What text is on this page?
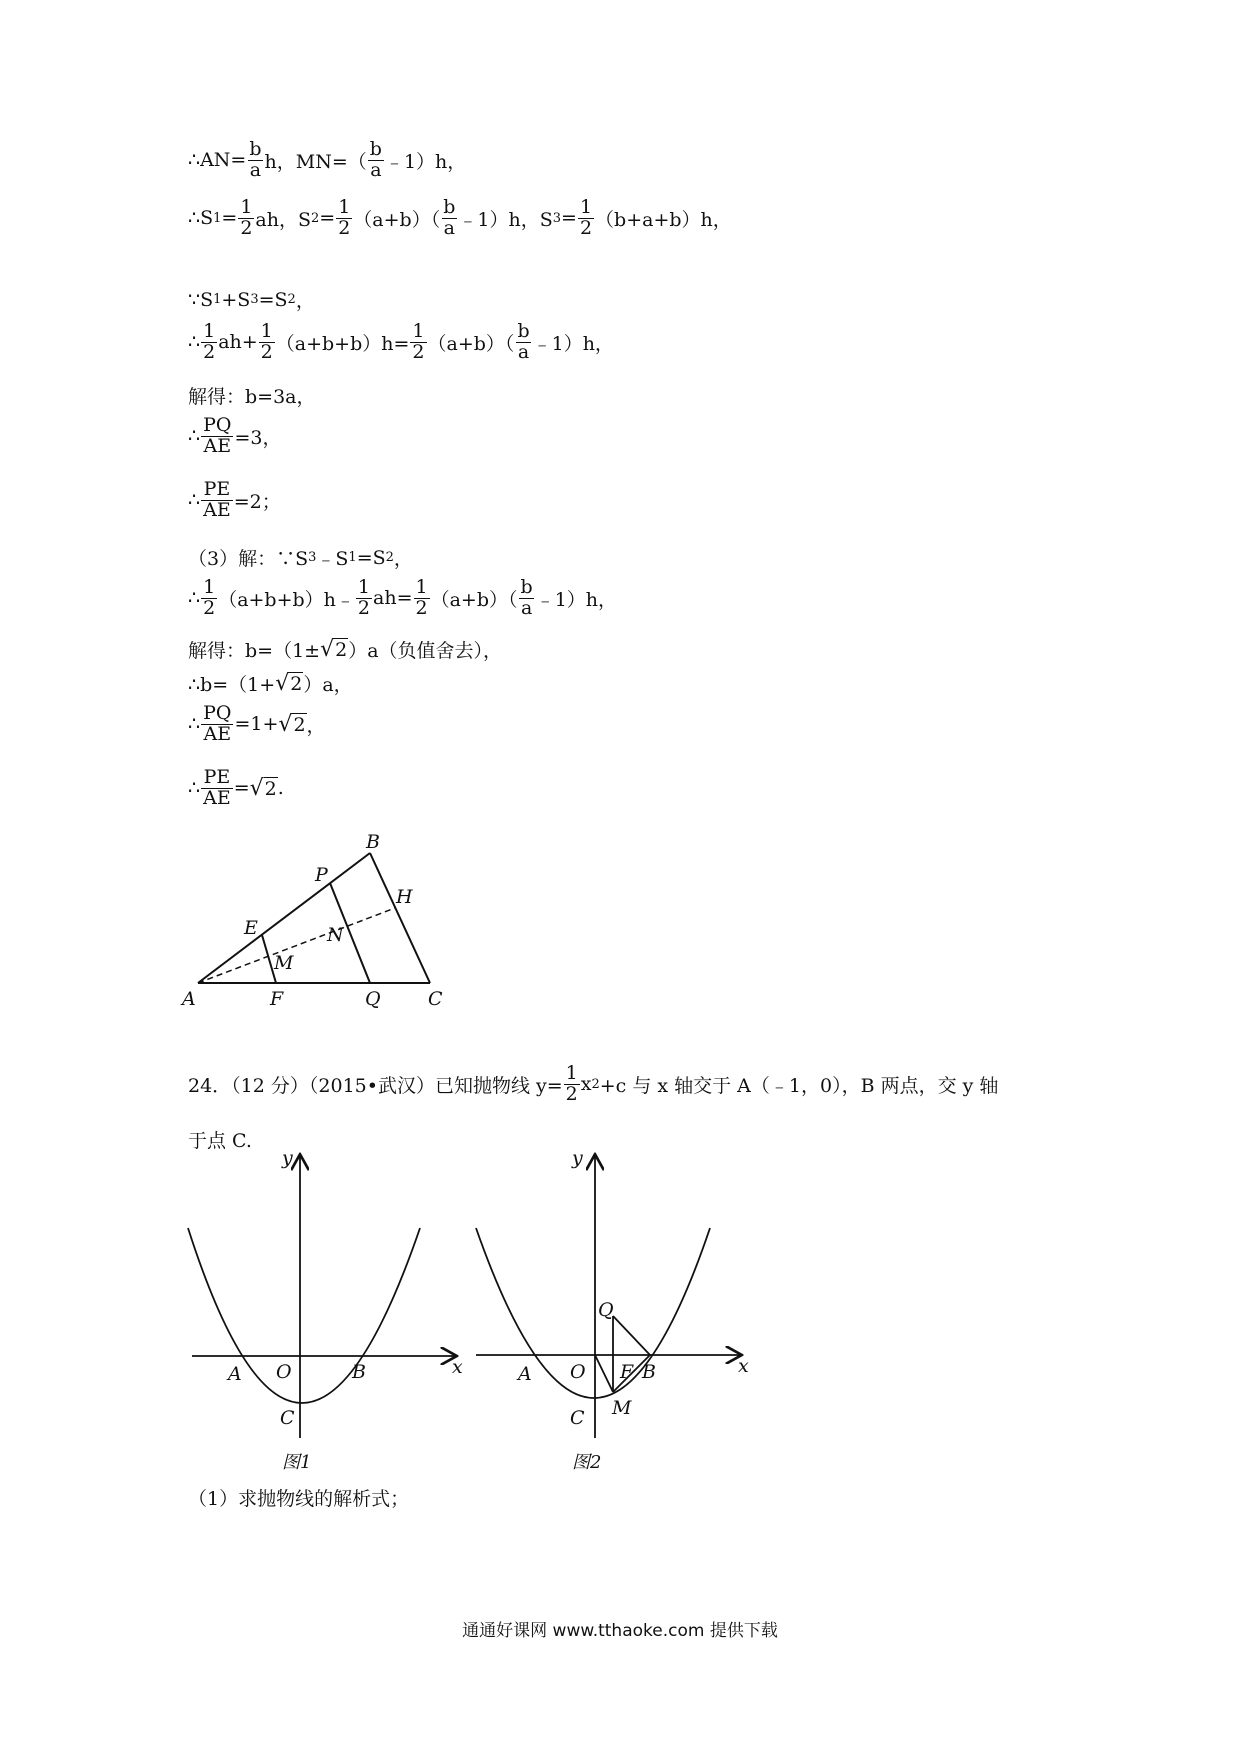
∴AN= $\frac{b}{a}$ h，$MN=( \frac{b}{a}$ ﹣1）h，
∴S $1 = \frac{1}{2}$ ah，S $2 = \frac{1}{2} (a+b)( \frac{b}{a}$ ﹣1）h，S $3 = \frac{1}{2} (b+a+b)h$，
∵S 1 +S 3 =S 2 ，
∴ $\frac{1}{2} ah+ \frac{1}{2} (a+b+b)h= \frac{1}{2} (a+b)( \frac{b}{a}$ ﹣1）h，
解得：b=3a，
∴ $\frac{PQ}{AE} =3$，
∴ $\frac{PE}{AE} =2$；
（3）解：∵S 3 ﹣S 1 =S 2 ，
∴ $\frac{1}{2}$ （a+b+b）h﹣ $\frac{1}{2} ah= \frac{1}{2} (a+b)( \frac{b}{a}$ ﹣1）h，
解得：b=（1± √ 2 ）a（负值舍去），
∴b=（1+ √ 2 ）a，
∴ $\frac{PQ}{AE} =1+$ √ 2 ，
∴ $\frac{PE}{AE}$ = √ 2 .
A
B
C
E
F
P
Q
H
M
N
24．（12 分）（2015•武汉）已知抛物线 $y= \frac{1}{2}$ x 2 +c 与 x 轴交于 A（﹣1，0），B 两点，交 y 轴
于点 C.
y
x
O
A	B
C
图1
y
x
O
A	B
C
Q
F
M
图2
（1）求抛物线的解析式；
通通好课网 www.tthaoke.com 提供下载
